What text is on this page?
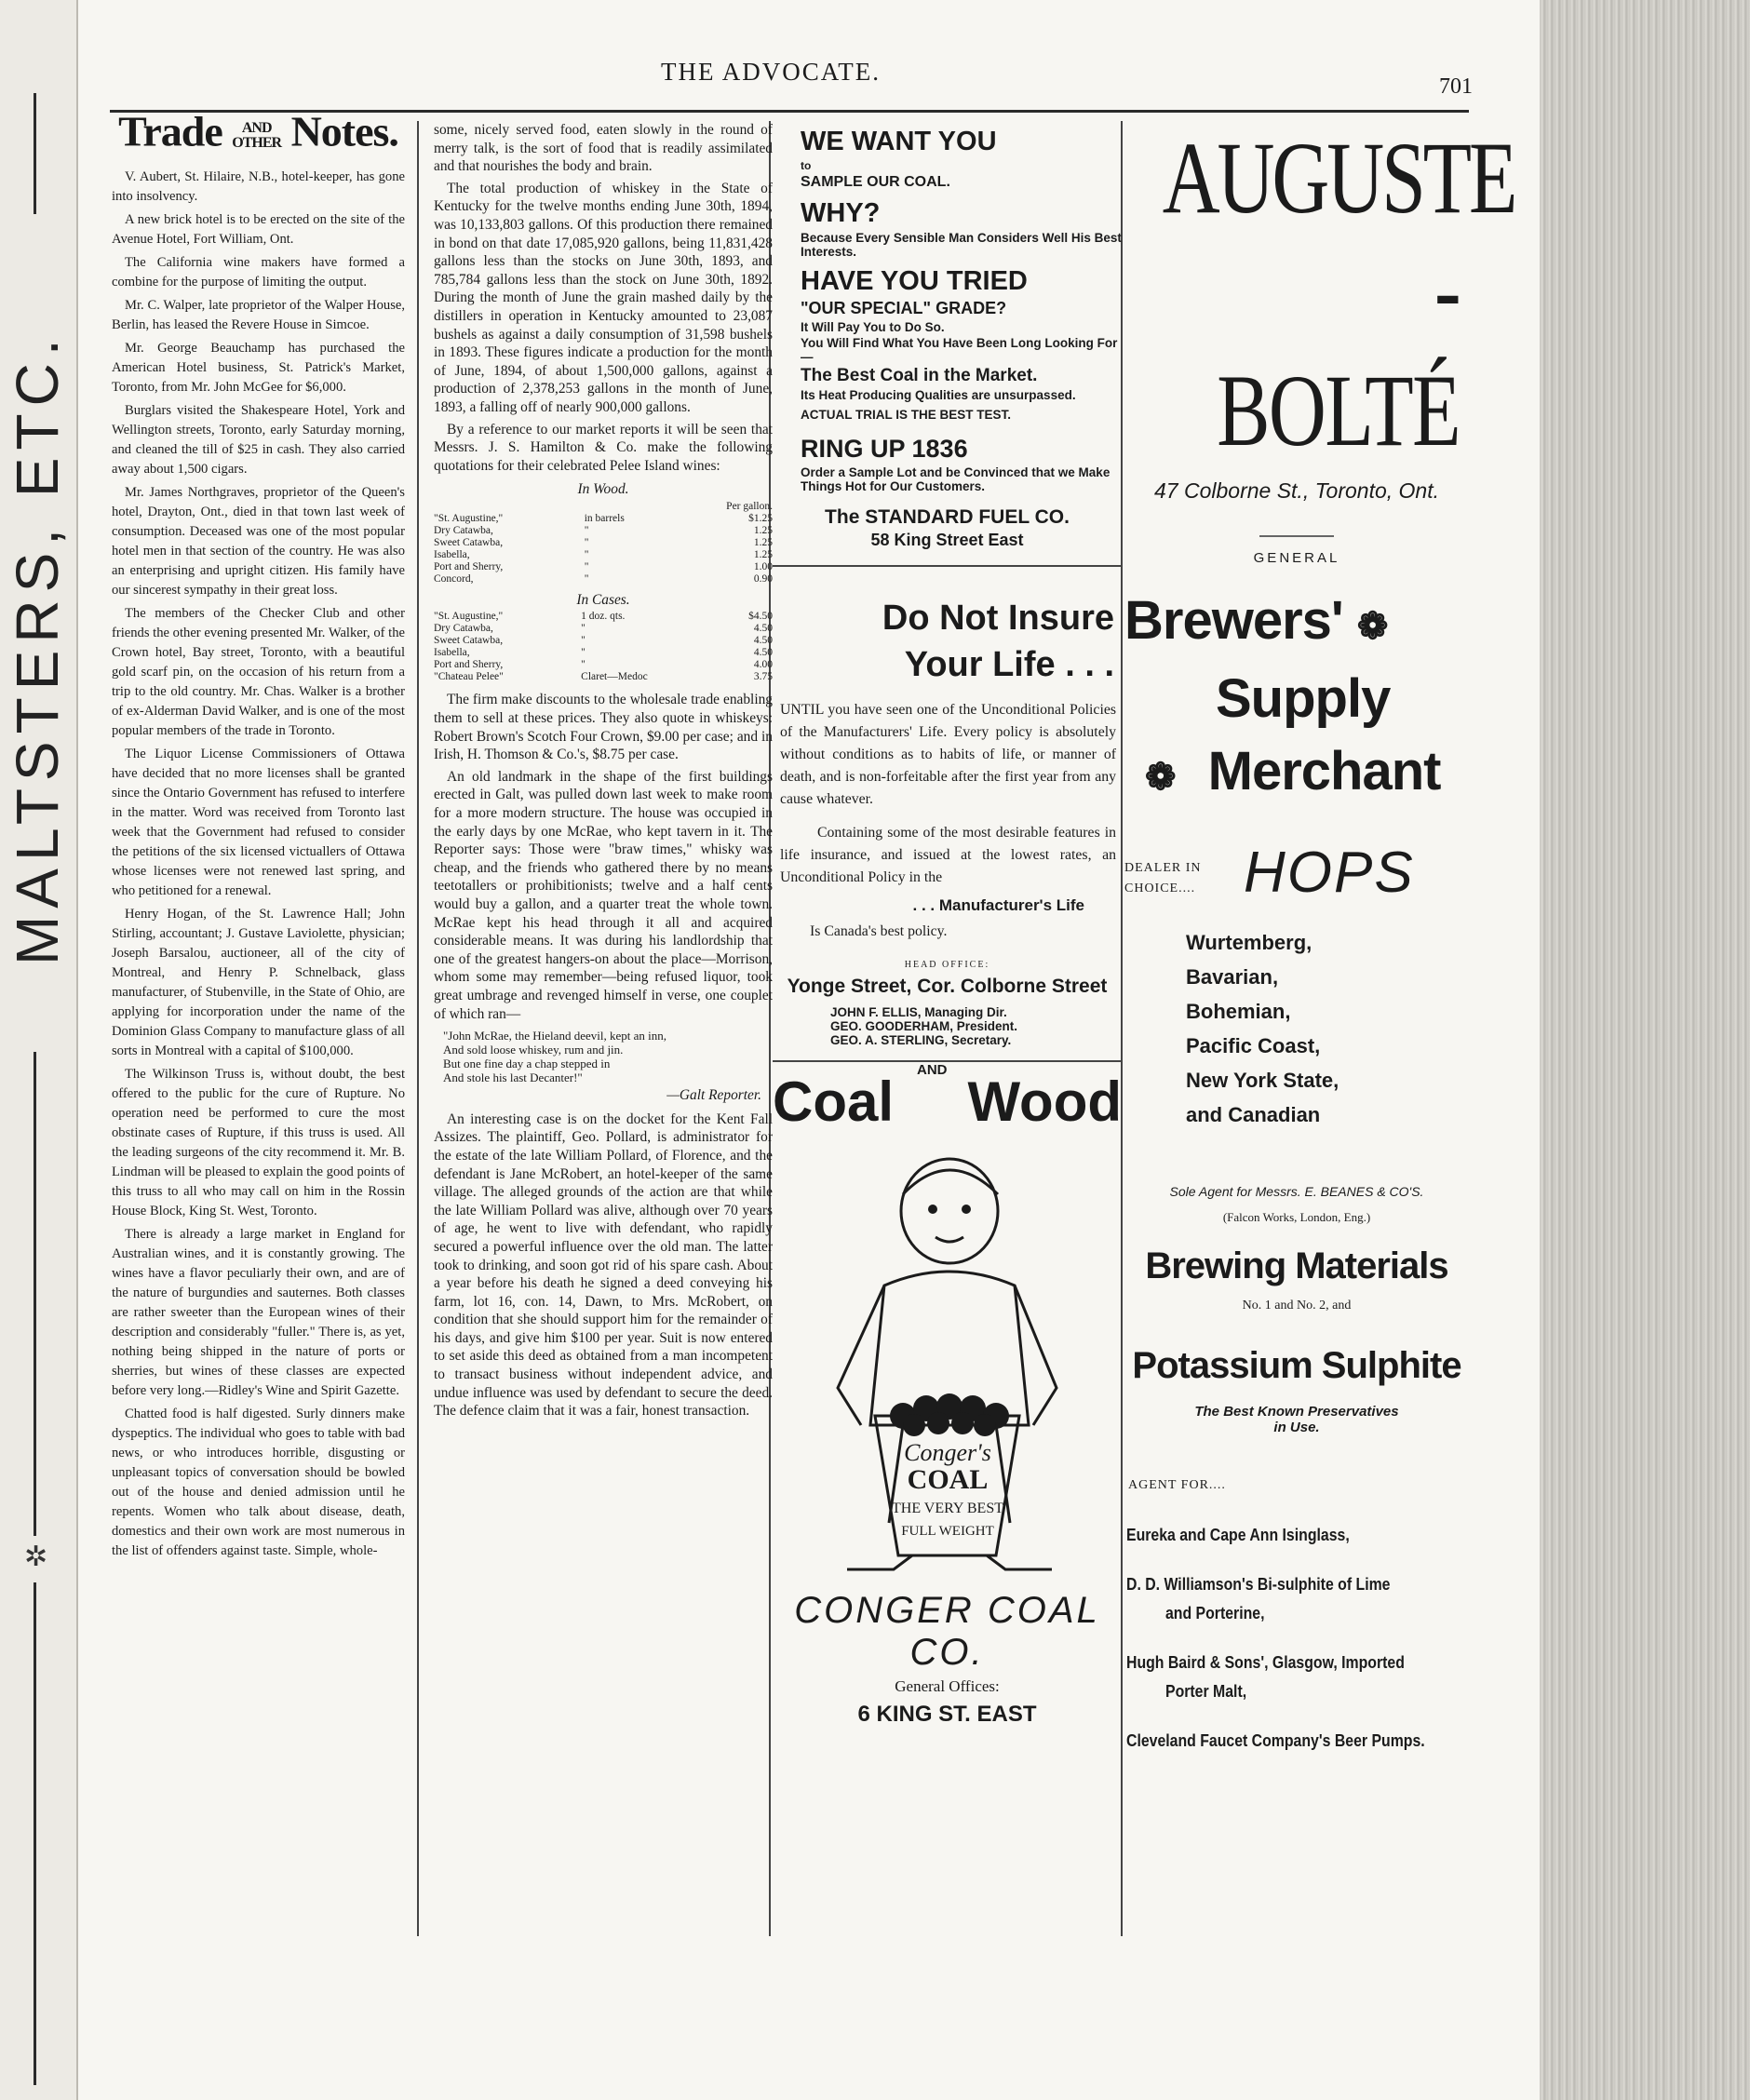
MALTSTERS, ETC.
✲
THE ADVOCATE.
701
Trade AND
OTHER Notes.

V. Aubert, St. Hilaire, N.B., hotel-keeper, has gone into insolvency.

A new brick hotel is to be erected on the site of the Avenue Hotel, Fort William, Ont.

The California wine makers have formed a combine for the purpose of limiting the output.

Mr. C. Walper, late proprietor of the Walper House, Berlin, has leased the Revere House in Simcoe.

Mr. George Beauchamp has purchased the American Hotel business, St. Patrick's Market, Toronto, from Mr. John McGee for $6,000.

Burglars visited the Shakespeare Hotel, York and Wellington streets, Toronto, early Saturday morning, and cleaned the till of $25 in cash. They also carried away about 1,500 cigars.

Mr. James Northgraves, proprietor of the Queen's hotel, Drayton, Ont., died in that town last week of consumption. Deceased was one of the most popular hotel men in that section of the country. He was also an enterprising and upright citizen. His family have our sincerest sympathy in their great loss.

The members of the Checker Club and other friends the other evening presented Mr. Walker, of the Crown hotel, Bay street, Toronto, with a beautiful gold scarf pin, on the occasion of his return from a trip to the old country. Mr. Chas. Walker is a brother of ex-Alderman David Walker, and is one of the most popular members of the trade in Toronto.

The Liquor License Commissioners of Ottawa have decided that no more licenses shall be granted since the Ontario Government has refused to interfere in the matter. Word was received from Toronto last week that the Government had refused to consider the petitions of the six licensed victuallers of Ottawa whose licenses were not renewed last spring, and who petitioned for a renewal.

Henry Hogan, of the St. Lawrence Hall; John Stirling, accountant; J. Gustave Laviolette, physician; Joseph Barsalou, auctioneer, all of the city of Montreal, and Henry P. Schnelback, glass manufacturer, of Stubenville, in the State of Ohio, are applying for incorporation under the name of the Dominion Glass Company to manufacture glass of all sorts in Montreal with a capital of $100,000.

The Wilkinson Truss is, without doubt, the best offered to the public for the cure of Rupture. No operation need be performed to cure the most obstinate cases of Rupture, if this truss is used. All the leading surgeons of the city recommend it. Mr. B. Lindman will be pleased to explain the good points of this truss to all who may call on him in the Rossin House Block, King St. West, Toronto.

There is already a large market in England for Australian wines, and it is constantly growing. The wines have a flavor peculiarly their own, and are of the nature of burgundies and sauternes. Both classes are rather sweeter than the European wines of their description and considerably "fuller." There is, as yet, nothing being shipped in the nature of ports or sherries, but wines of these classes are expected before very long.—Ridley's Wine and Spirit Gazette.

Chatted food is half digested. Surly dinners make dyspeptics. The individual who goes to table with bad news, or who introduces horrible, disgusting or unpleasant topics of conversation should be bowled out of the house and denied admission until he repents. Women who talk about disease, death, domestics and their own work are most numerous in the list of offenders against taste. Simple, whole-

some, nicely served food, eaten slowly in the round of merry talk, is the sort of food that is readily assimilated and that nourishes the body and brain.

The total production of whiskey in the State of Kentucky for the twelve months ending June 30th, 1894, was 10,133,803 gallons. Of this production there remained in bond on that date 17,085,920 gallons, being 11,831,428 gallons less than the stocks on June 30th, 1893, and 785,784 gallons less than the stock on June 30th, 1892. During the month of June the grain mashed daily by the distillers in operation in Kentucky amounted to 23,087 bushels as against a daily consumption of 31,598 bushels in 1893. These figures indicate a production for the month of June, 1894, of about 1,500,000 gallons, against a production of 2,378,253 gallons in the month of June, 1893, a falling off of nearly 900,000 gallons.

By a reference to our market reports it will be seen that Messrs. J. S. Hamilton & Co. make the following quotations for their celebrated Pelee Island wines:

In Wood.
		Per gallon.
"St. Augustine,"	in barrels	$1.25
Dry Catawba,	"	1.25
Sweet Catawba,	"	1.25
Isabella,	"	1.25
Port and Sherry,	"	1.00
Concord,	"	0.90
In Cases.
"St. Augustine,"	1 doz. qts.	$4.50
Dry Catawba,	"	4.50
Sweet Catawba,	"	4.50
Isabella,	"	4.50
Port and Sherry,	"	4.00
"Chateau Pelee"	Claret—Medoc	3.75

The firm make discounts to the wholesale trade enabling them to sell at these prices. They also quote in whiskeys: Robert Brown's Scotch Four Crown, $9.00 per case; and in Irish, H. Thomson & Co.'s, $8.75 per case.

An old landmark in the shape of the first buildings erected in Galt, was pulled down last week to make room for a more modern structure. The house was occupied in the early days by one McRae, who kept tavern in it. The Reporter says: Those were "braw times," whisky was cheap, and the friends who gathered there by no means teetotallers or prohibitionists; twelve and a half cents would buy a gallon, and a quarter treat the whole town. McRae kept his head through it all and acquired considerable means. It was during his landlordship that one of the greatest hangers-on about the place—Morrison, whom some may remember—being refused liquor, took great umbrage and revenged himself in verse, one couplet of which ran—

"John McRae, the Hieland deevil, kept an inn,
And sold loose whiskey, rum and jin.
But one fine day a chap stepped in
And stole his last Decanter!"
—Galt Reporter.

An interesting case is on the docket for the Kent Fall Assizes. The plaintiff, Geo. Pollard, is administrator for the estate of the late William Pollard, of Florence, and the defendant is Jane McRobert, an hotel-keeper of the same village. The alleged grounds of the action are that while the late William Pollard was alive, although over 70 years of age, he went to live with defendant, who rapidly secured a powerful influence over the old man. The latter took to drinking, and soon got rid of his spare cash. About a year before his death he signed a deed conveying his farm, lot 16, con. 14, Dawn, to Mrs. McRobert, on condition that she should support him for the remainder of his days, and give him $100 per year. Suit is now entered to set aside this deed as obtained from a man incompetent to transact business without independent advice, and undue influence was used by defendant to secure the deed. The defence claim that it was a fair, honest transaction.

WE WANT YOU
to
SAMPLE OUR COAL.
WHY?
Because Every Sensible Man Considers Well His Best Interests.
HAVE YOU TRIED
"OUR SPECIAL" GRADE?
It Will Pay You to Do So.
You Will Find What You Have Been Long Looking For—
The Best Coal in the Market.
Its Heat Producing Qualities are unsurpassed.
ACTUAL TRIAL IS THE BEST TEST.
RING UP 1836
Order a Sample Lot and be Convinced that we Make Things Hot for Our Customers.
The STANDARD FUEL CO.
58 King Street East
Do Not Insure
Your Life . . .

UNTIL you have seen one of the Unconditional Policies of the Manufacturers' Life. Every policy is absolutely without conditions as to habits of life, or manner of death, and is non-forfeitable after the first year from any cause whatever.

Containing some of the most desirable features in life insurance, and issued at the lowest rates, an Unconditional Policy in the

. . . Manufacturer's Life

Is Canada's best policy.

HEAD OFFICE:
Yonge Street, Cor. Colborne Street
JOHN F. ELLIS, Managing Dir.
GEO. GOODERHAM, President.
GEO. A. STERLING, Secretary.
Coal
AND
Wood
Conger's
COAL
THE VERY BEST
FULL WEIGHT
CONGER COAL CO.
General Offices:
6 KING ST. EAST
AUGUSTE
- BOLTÉ
47 Colborne St., Toronto, Ont.
GENERAL
Brewers' ❁
Supply
❁ Merchant
DEALER IN
CHOICE.... HOPS
Wurtemberg,
Bavarian,
Bohemian,
Pacific Coast,
New York State,
and Canadian
Sole Agent for Messrs. E. BEANES & CO'S.
(Falcon Works, London, Eng.)
Brewing Materials
No. 1 and No. 2, and
Potassium Sulphite
The Best Known Preservatives
in Use.
AGENT FOR....

Eureka and Cape Ann Isinglass,

D. D. Williamson's Bi-sulphite of Lime

and Porterine,

Hugh Baird & Sons', Glasgow, Imported

Porter Malt,

Cleveland Faucet Company's Beer Pumps.
